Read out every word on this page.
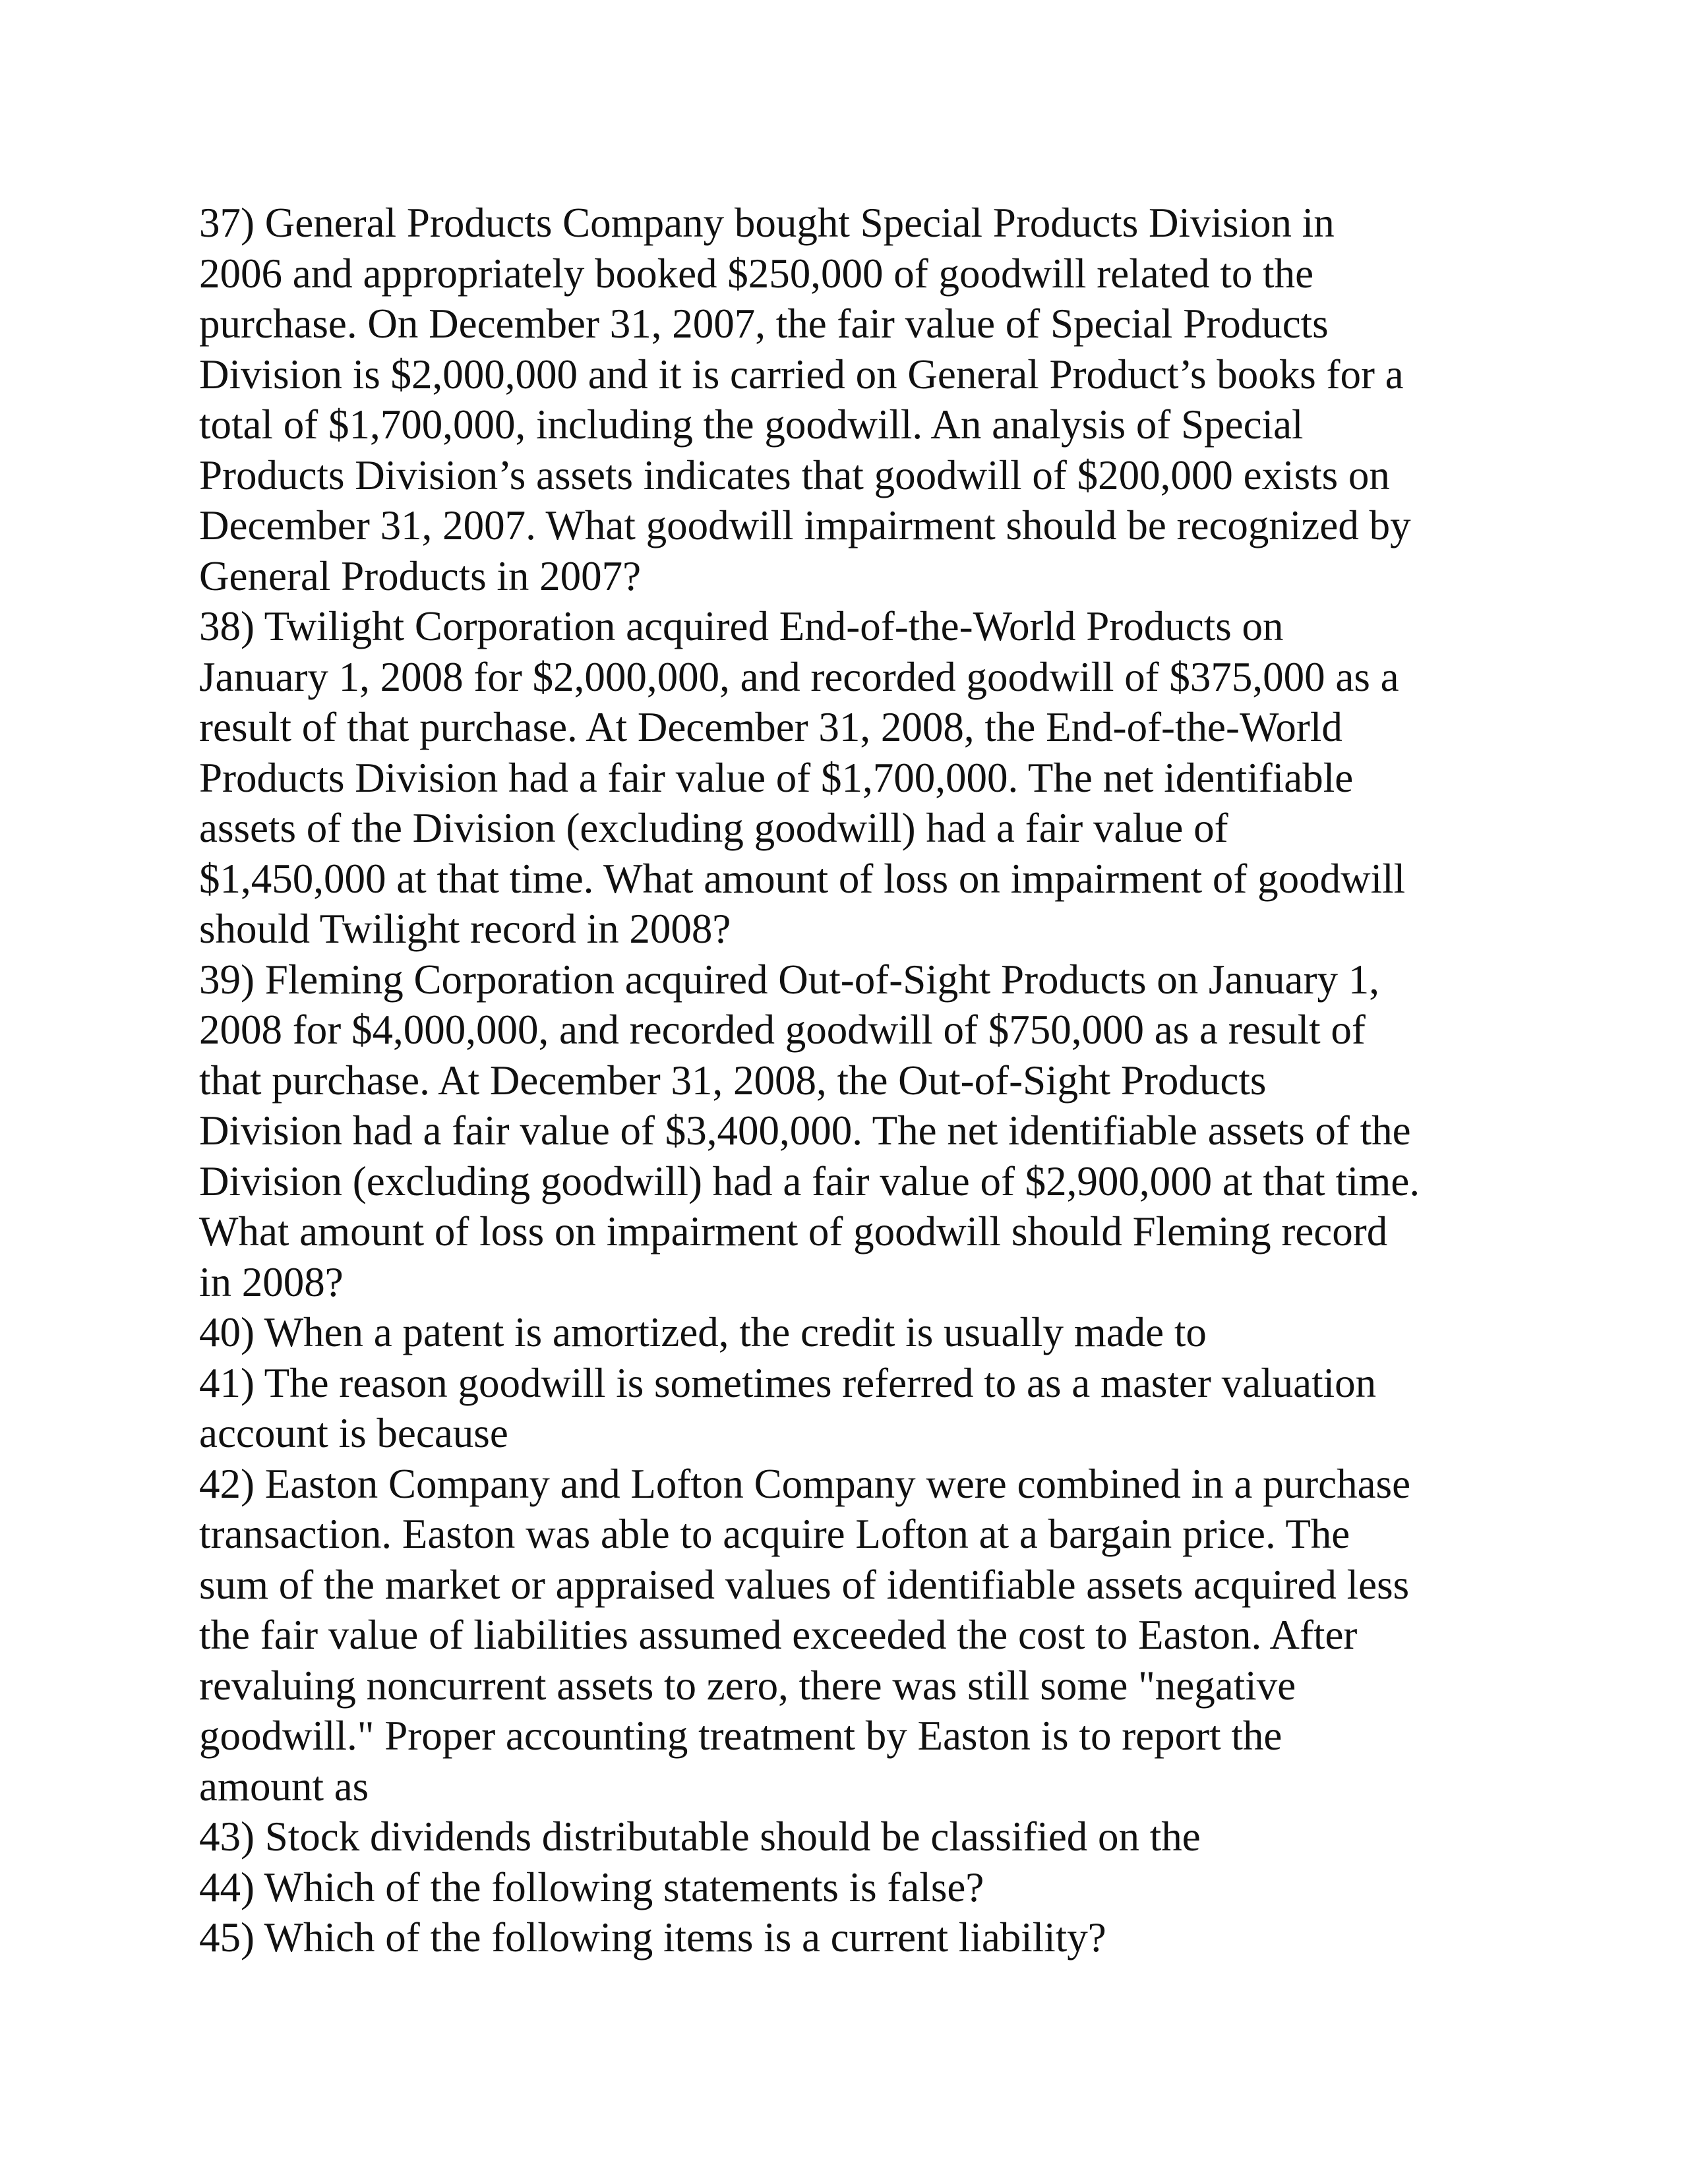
37) General Products Company bought Special Products Division in
2006 and appropriately booked $250,000 of goodwill related to the
purchase. On December 31, 2007, the fair value of Special Products
Division is $2,000,000 and it is carried on General Product’s books for a
total of $1,700,000, including the goodwill. An analysis of Special
Products Division’s assets indicates that goodwill of $200,000 exists on
December 31, 2007. What goodwill impairment should be recognized by
General Products in 2007?
38) Twilight Corporation acquired End-of-the-World Products on
January 1, 2008 for $2,000,000, and recorded goodwill of $375,000 as a
result of that purchase. At December 31, 2008, the End-of-the-World
Products Division had a fair value of $1,700,000. The net identifiable
assets of the Division (excluding goodwill) had a fair value of
$1,450,000 at that time. What amount of loss on impairment of goodwill
should Twilight record in 2008?
39) Fleming Corporation acquired Out-of-Sight Products on January 1,
2008 for $4,000,000, and recorded goodwill of $750,000 as a result of
that purchase. At December 31, 2008, the Out-of-Sight Products
Division had a fair value of $3,400,000. The net identifiable assets of the
Division (excluding goodwill) had a fair value of $2,900,000 at that time.
What amount of loss on impairment of goodwill should Fleming record
in 2008?
40) When a patent is amortized, the credit is usually made to
41) The reason goodwill is sometimes referred to as a master valuation
account is because
42) Easton Company and Lofton Company were combined in a purchase
transaction. Easton was able to acquire Lofton at a bargain price. The
sum of the market or appraised values of identifiable assets acquired less
the fair value of liabilities assumed exceeded the cost to Easton. After
revaluing noncurrent assets to zero, there was still some "negative
goodwill." Proper accounting treatment by Easton is to report the
amount as
43) Stock dividends distributable should be classified on the
44) Which of the following statements is false?
45) Which of the following items is a current liability?
